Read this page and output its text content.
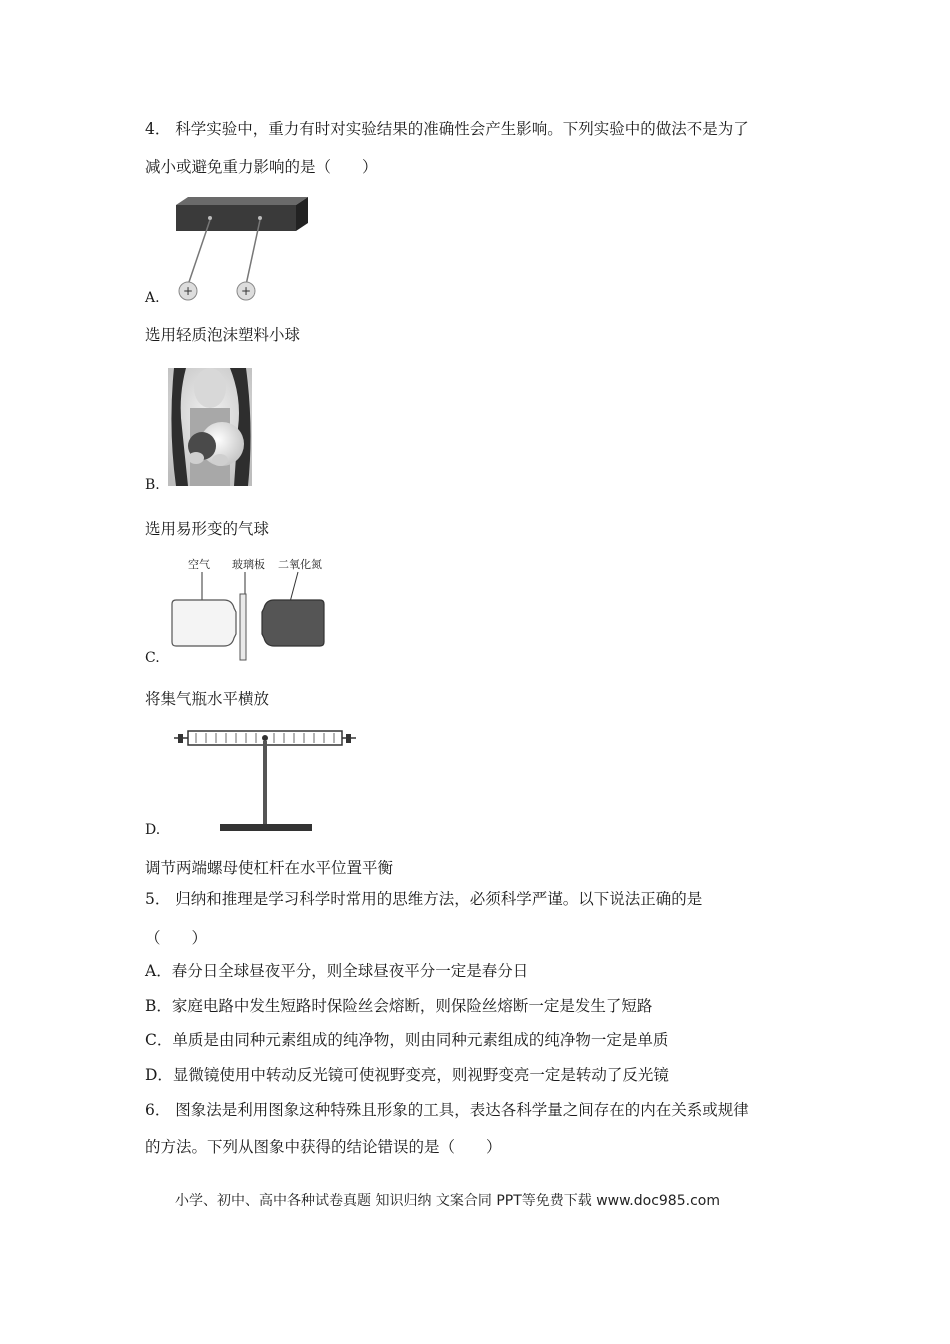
4． 科学实验中，重力有时对实验结果的准确性会产生影响。下列实验中的做法不是为了
减小或避免重力影响的是（　　）
+	+
A.
选用轻质泡沫塑料小球
B.
选用易形变的气球
空气 玻璃板 二氧化氮
C.
将集气瓶水平横放
D.
调节两端螺母使杠杆在水平位置平衡
5． 归纳和推理是学习科学时常用的思维方法，必须科学严谨。以下说法正确的是
（　　）
A．春分日全球昼夜平分，则全球昼夜平分一定是春分日
B．家庭电路中发生短路时保险丝会熔断，则保险丝熔断一定是发生了短路
C．单质是由同种元素组成的纯净物，则由同种元素组成的纯净物一定是单质
D．显微镜使用中转动反光镜可使视野变亮，则视野变亮一定是转动了反光镜
6． 图象法是利用图象这种特殊且形象的工具，表达各科学量之间存在的内在关系或规律
的方法。下列从图象中获得的结论错误的是（　　）
小学、初中、高中各种试卷真题 知识归纳 文案合同 PPT等免费下载 www.doc985.com
